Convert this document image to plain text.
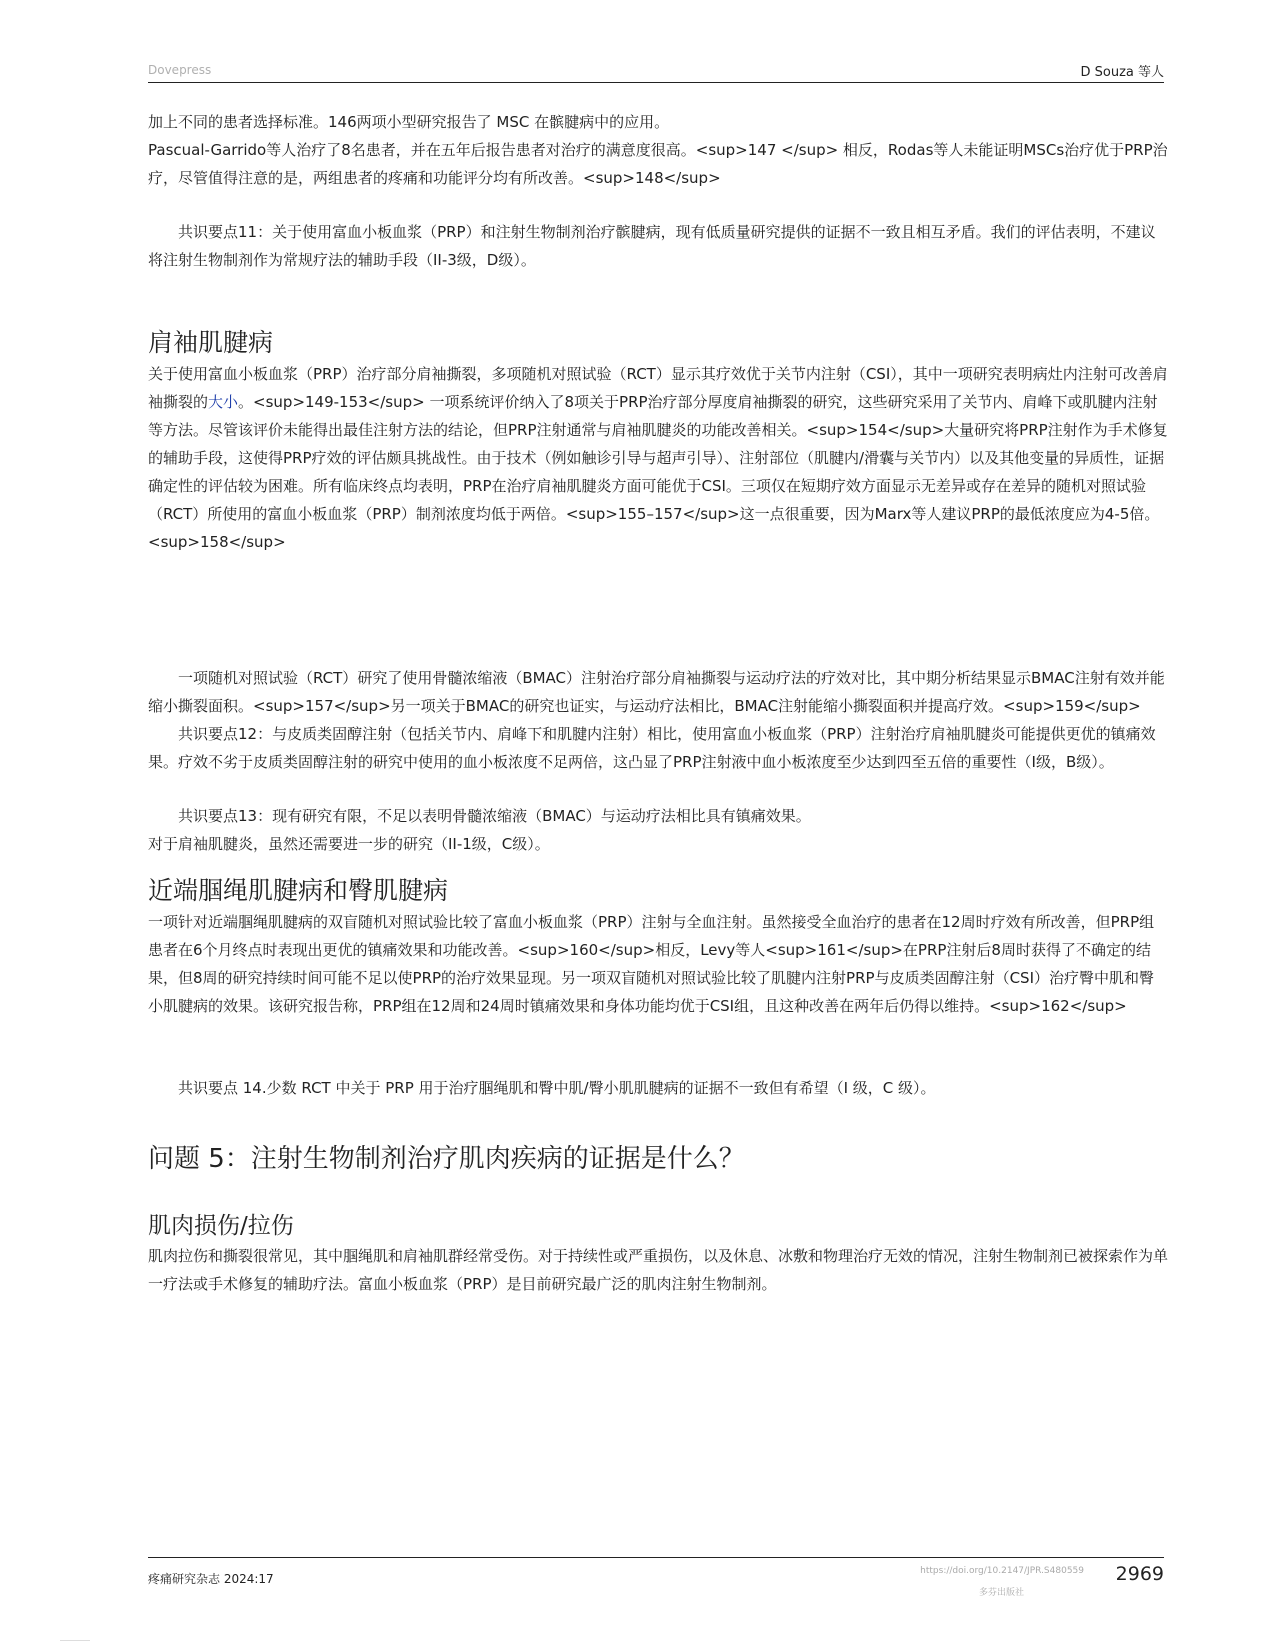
Dovepress	D Souza 等人

加上不同的患者选择标准。146两项小型研究报告了 MSC 在髌腱病中的应用。

Pascual-Garrido等人治疗了8名患者，并在五年后报告患者对治疗的满意度很高。<sup>147 </sup> 相反，Rodas等人未能证明MSCs治疗优于PRP治疗，尽管值得注意的是，两组患者的疼痛和功能评分均有所改善。<sup>148</sup>

共识要点11：关于使用富血小板血浆（PRP）和注射生物制剂治疗髌腱病，现有低质量研究提供的证据不一致且相互矛盾。我们的评估表明，不建议将注射生物制剂作为常规疗法的辅助手段（II-3级，D级）。

肩袖肌腱病

关于使用富血小板血浆（PRP）治疗部分肩袖撕裂，多项随机对照试验（RCT）显示其疗效优于关节内注射（CSI），其中一项研究表明病灶内注射可改善肩袖撕裂的大小。<sup>149-153</sup> 一项系统评价纳入了8项关于PRP治疗部分厚度肩袖撕裂的研究，这些研究采用了关节内、肩峰下或肌腱内注射等方法。尽管该评价未能得出最佳注射方法的结论，但PRP注射通常与肩袖肌腱炎的功能改善相关。<sup>154</sup>大量研究将PRP注射作为手术修复的辅助手段，这使得PRP疗效的评估颇具挑战性。由于技术（例如触诊引导与超声引导）、注射部位（肌腱内/滑囊与关节内）以及其他变量的异质性，证据确定性的评估较为困难。所有临床终点均表明，PRP在治疗肩袖肌腱炎方面可能优于CSI。三项仅在短期疗效方面显示无差异或存在差异的随机对照试验（RCT）所使用的富血小板血浆（PRP）制剂浓度均低于两倍。<sup>155–157</sup>这一点很重要，因为Marx等人建议PRP的最低浓度应为4-5倍。<sup>158</sup>

一项随机对照试验（RCT）研究了使用骨髓浓缩液（BMAC）注射治疗部分肩袖撕裂与运动疗法的疗效对比，其中期分析结果显示BMAC注射有效并能缩小撕裂面积。<sup>157</sup>另一项关于BMAC的研究也证实，与运动疗法相比，BMAC注射能缩小撕裂面积并提高疗效。<sup>159</sup>

共识要点12：与皮质类固醇注射（包括关节内、肩峰下和肌腱内注射）相比，使用富血小板血浆（PRP）注射治疗肩袖肌腱炎可能提供更优的镇痛效果。疗效不劣于皮质类固醇注射的研究中使用的血小板浓度不足两倍，这凸显了PRP注射液中血小板浓度至少达到四至五倍的重要性（I级，B级）。

共识要点13：现有研究有限，不足以表明骨髓浓缩液（BMAC）与运动疗法相比具有镇痛效果。

对于肩袖肌腱炎，虽然还需要进一步的研究（II-1级，C级）。

近端腘绳肌腱病和臀肌腱病

一项针对近端腘绳肌腱病的双盲随机对照试验比较了富血小板血浆（PRP）注射与全血注射。虽然接受全血治疗的患者在12周时疗效有所改善，但PRP组患者在6个月终点时表现出更优的镇痛效果和功能改善。<sup>160</sup>相反，Levy等人<sup>161</sup>在PRP注射后8周时获得了不确定的结果，但8周的研究持续时间可能不足以使PRP的治疗效果显现。另一项双盲随机对照试验比较了肌腱内注射PRP与皮质类固醇注射（CSI）治疗臀中肌和臀小肌腱病的效果。该研究报告称，PRP组在12周和24周时镇痛效果和身体功能均优于CSI组，且这种改善在两年后仍得以维持。<sup>162</sup>

共识要点 14.少数 RCT 中关于 PRP 用于治疗腘绳肌和臀中肌/臀小肌肌腱病的证据不一致但有希望（I 级，C 级）。

问题 5：注射生物制剂治疗肌肉疾病的证据是什么？
肌肉损伤/拉伤

肌肉拉伤和撕裂很常见，其中腘绳肌和肩袖肌群经常受伤。对于持续性或严重损伤，以及休息、冰敷和物理治疗无效的情况，注射生物制剂已被探索作为单一疗法或手术修复的辅助疗法。富血小板血浆（PRP）是目前研究最广泛的肌肉注射生物制剂。

疼痛研究杂志 2024:17
https://doi.org/10.2147/JPR.S480559
多芬出版社
2969
